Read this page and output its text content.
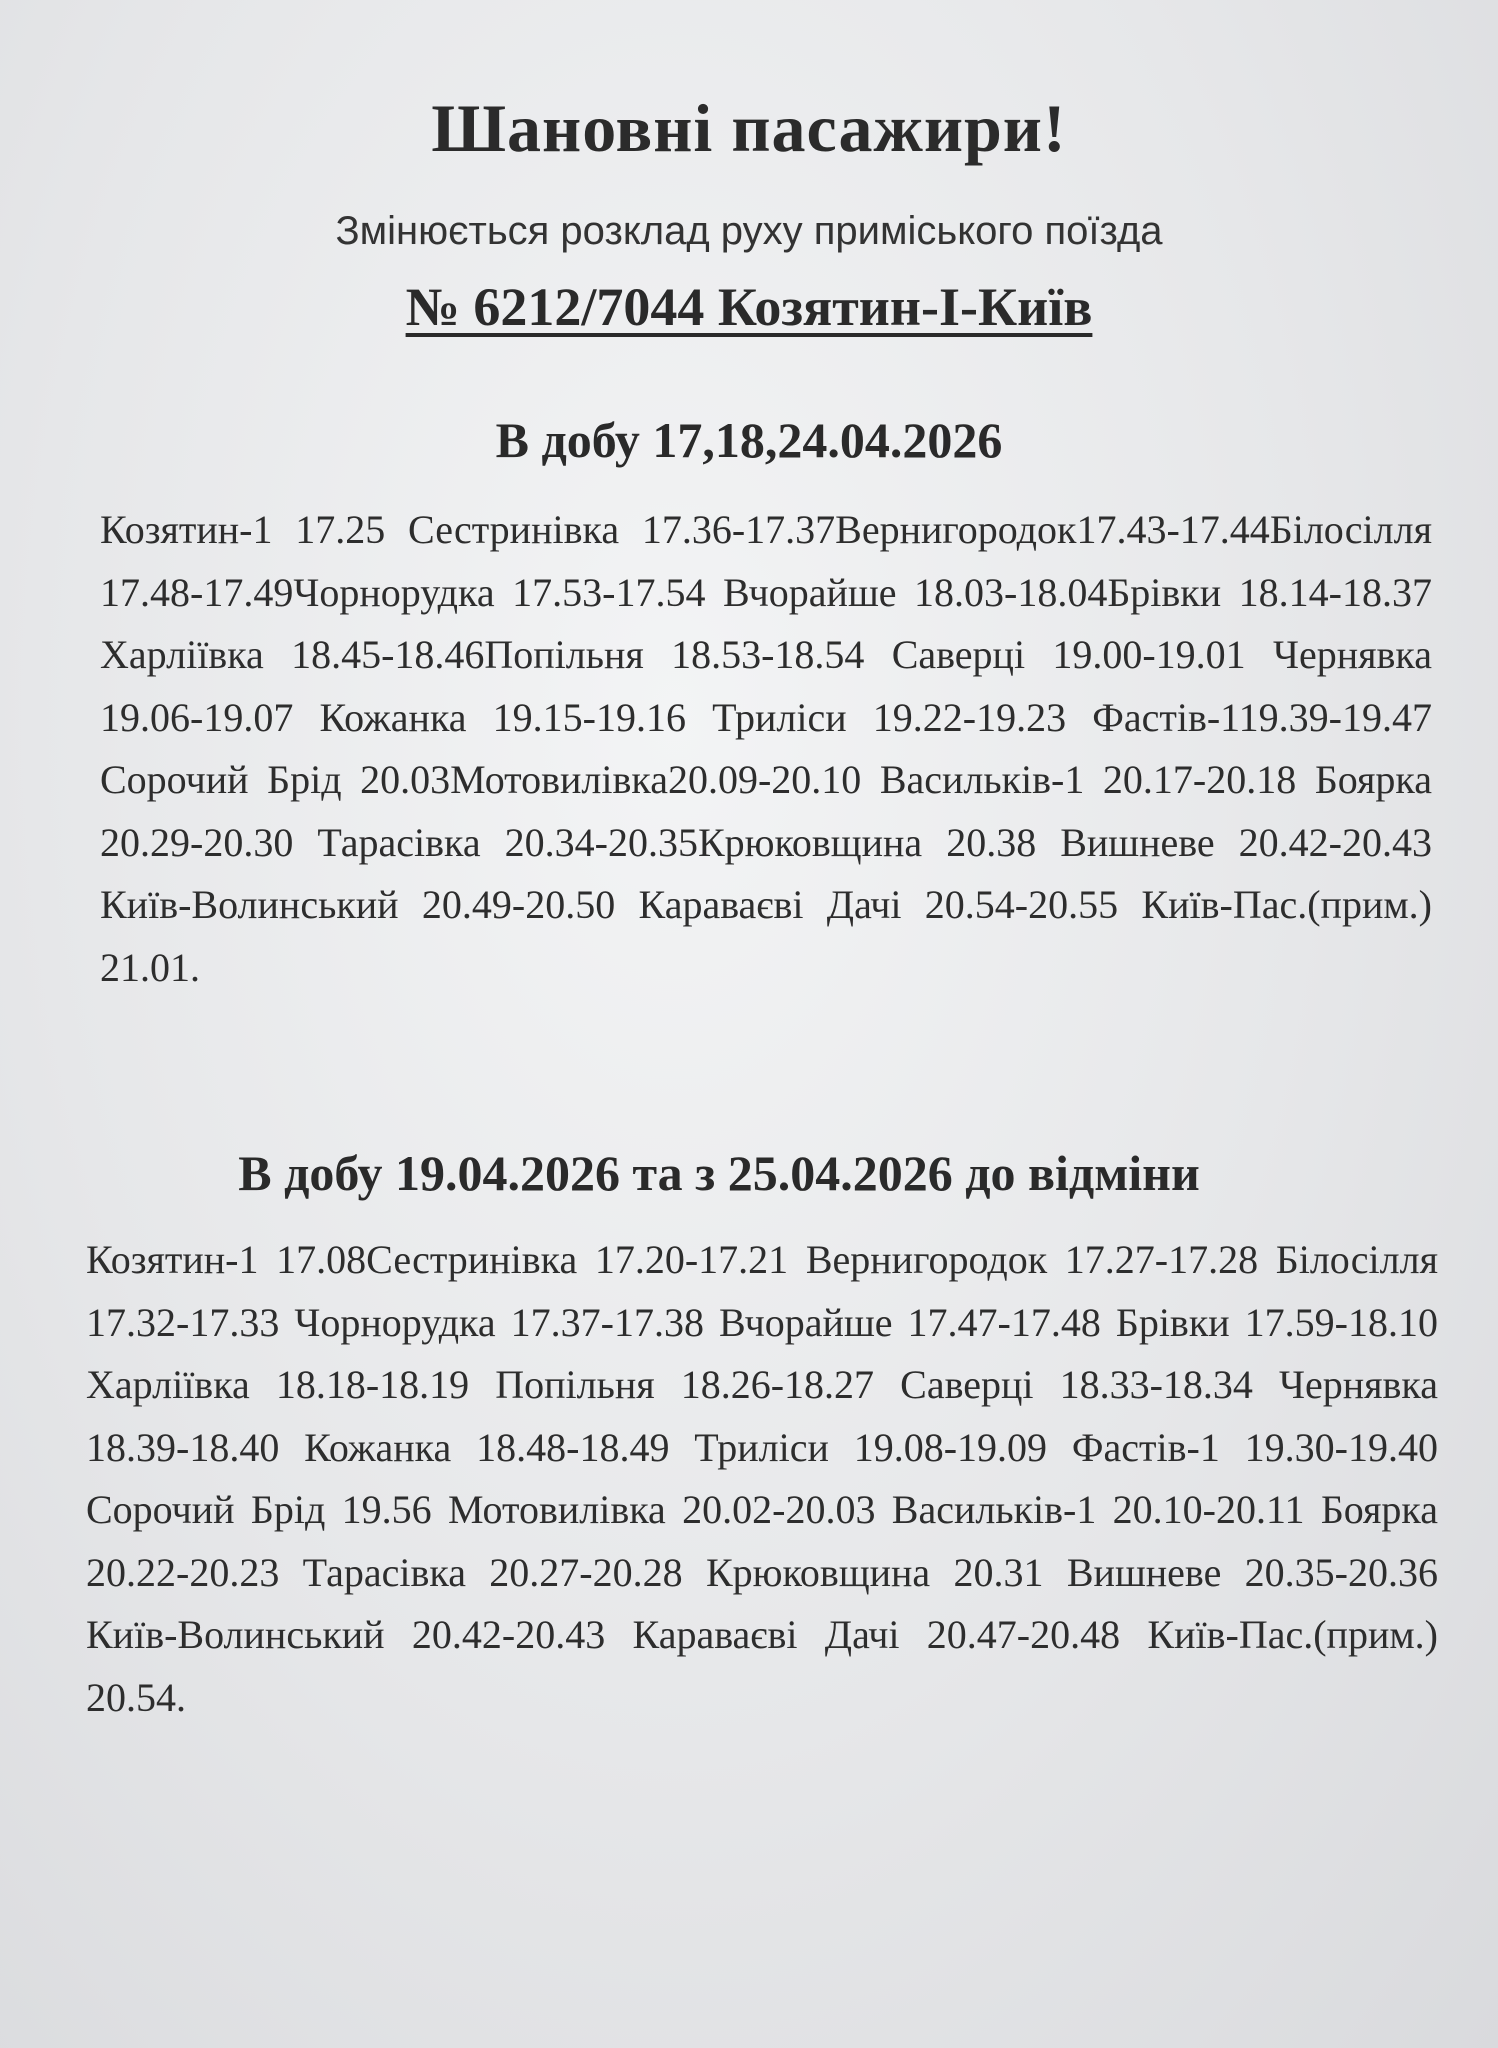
Шановні пасажири!

Змінюється розклад руху приміського поїзда

№ 6212/7044 Козятин-І-Київ

В добу 17,18,24.04.2026

Козятин-1 17.25 Сестринівка 17.36-17.37Вернигородок17.43-17.44Білосілля 17.48-17.49Чорнорудка 17.53-17.54 Вчорайше 18.03-18.04Брівки 18.14-18.37 Харліївка 18.45-18.46Попільня 18.53-18.54 Саверці 19.00-19.01 Чернявка 19.06-19.07 Кожанка 19.15-19.16 Триліси 19.22-19.23 Фастів-119.39-19.47 Сорочий Брід 20.03Мотовилівка20.09-20.10 Васильків-1 20.17-20.18 Боярка 20.29-20.30 Тарасівка 20.34-20.35Крюковщина 20.38 Вишневе 20.42-20.43 Київ-Волинський 20.49-20.50 Караваєві Дачі 20.54-20.55 Київ-Пас.(прим.) 21.01.

В добу 19.04.2026 та з 25.04.2026 до відміни

Козятин-1 17.08Сестринівка 17.20-17.21 Вернигородок 17.27-17.28 Білосілля 17.32-17.33 Чорнорудка 17.37-17.38 Вчорайше 17.47-17.48 Брівки 17.59-18.10 Харліївка 18.18-18.19 Попільня 18.26-18.27 Саверці 18.33-18.34 Чернявка 18.39-18.40 Кожанка 18.48-18.49 Триліси 19.08-19.09 Фастів-1 19.30-19.40 Сорочий Брід 19.56 Мотовилівка 20.02-20.03 Васильків-1 20.10-20.11 Боярка 20.22-20.23 Тарасівка 20.27-20.28 Крюковщина 20.31 Вишневе 20.35-20.36 Київ-Волинський 20.42-20.43 Караваєві Дачі 20.47-20.48 Київ-Пас.(прим.) 20.54.
